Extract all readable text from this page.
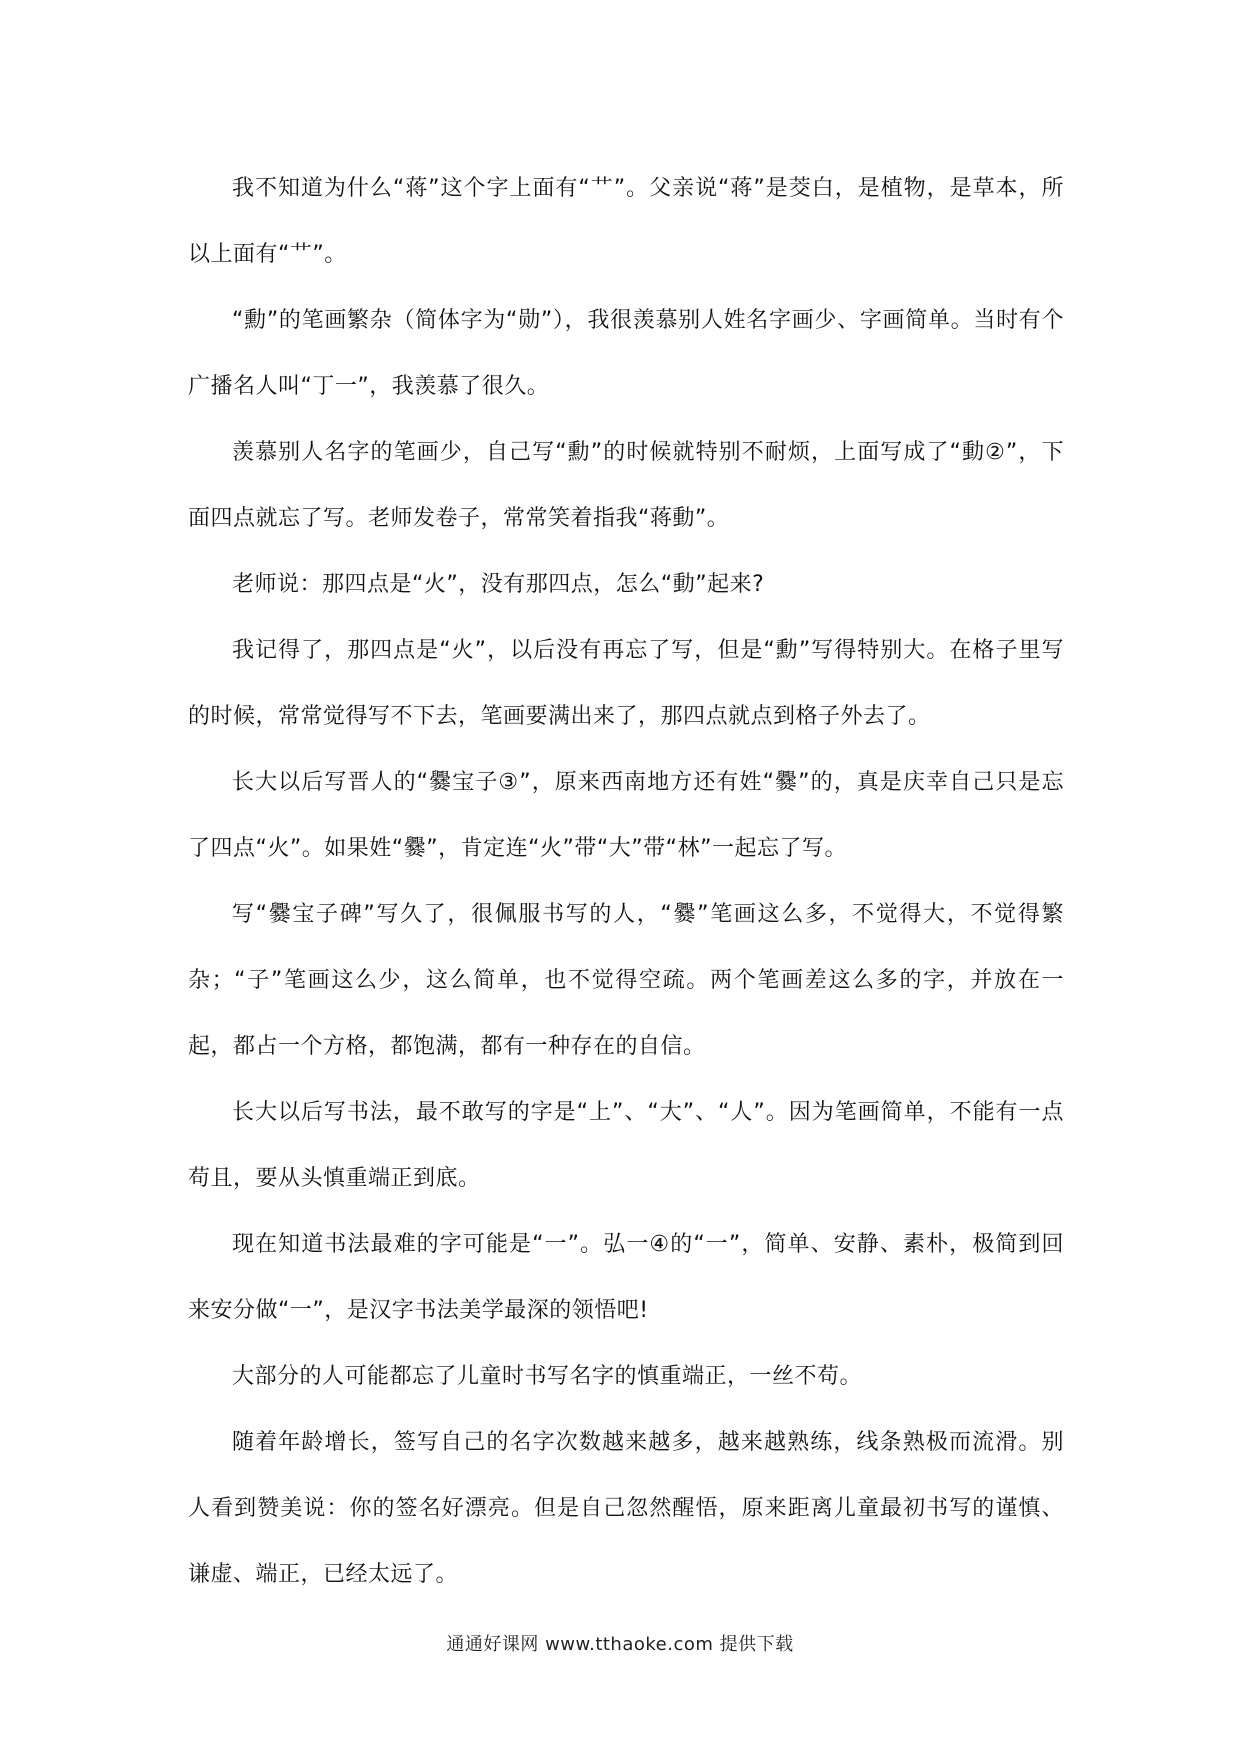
我不知道为什么“蒋”这个字上面有“艹”。父亲说“蒋”是茭白，是植物，是草本，所以上面有“艹”。

“勳”的笔画繁杂（简体字为“勋”），我很羡慕别人姓名字画少、字画简单。当时有个广播名人叫“丁一”，我羡慕了很久。

羡慕别人名字的笔画少，自己写“勳”的时候就特别不耐烦，上面写成了“動②”，下面四点就忘了写。老师发卷子，常常笑着指我“蒋動”。

老师说：那四点是“火”，没有那四点，怎么“動”起来?

我记得了，那四点是“火”，以后没有再忘了写，但是“勳”写得特别大。在格子里写的时候，常常觉得写不下去，笔画要满出来了，那四点就点到格子外去了。

长大以后写晋人的“爨宝子③”，原来西南地方还有姓“爨”的，真是庆幸自己只是忘了四点“火”。如果姓“爨”，肯定连“火”带“大”带“林”一起忘了写。

写“爨宝子碑”写久了，很佩服书写的人，“爨”笔画这么多，不觉得大，不觉得繁杂；“子”笔画这么少，这么简单，也不觉得空疏。两个笔画差这么多的字，并放在一起，都占一个方格，都饱满，都有一种存在的自信。

长大以后写书法，最不敢写的字是“上”、“大”、“人”。因为笔画简单，不能有一点苟且，要从头慎重端正到底。

现在知道书法最难的字可能是“一”。弘一④的“一”，简单、安静、素朴，极简到回来安分做“一”，是汉字书法美学最深的领悟吧!

大部分的人可能都忘了儿童时书写名字的慎重端正，一丝不苟。

随着年龄增长，签写自己的名字次数越来越多，越来越熟练，线条熟极而流滑。别人看到赞美说：你的签名好漂亮。但是自己忽然醒悟，原来距离儿童最初书写的谨慎、谦虚、端正，已经太远了。

通通好课网 www.tthaoke.com 提供下载
